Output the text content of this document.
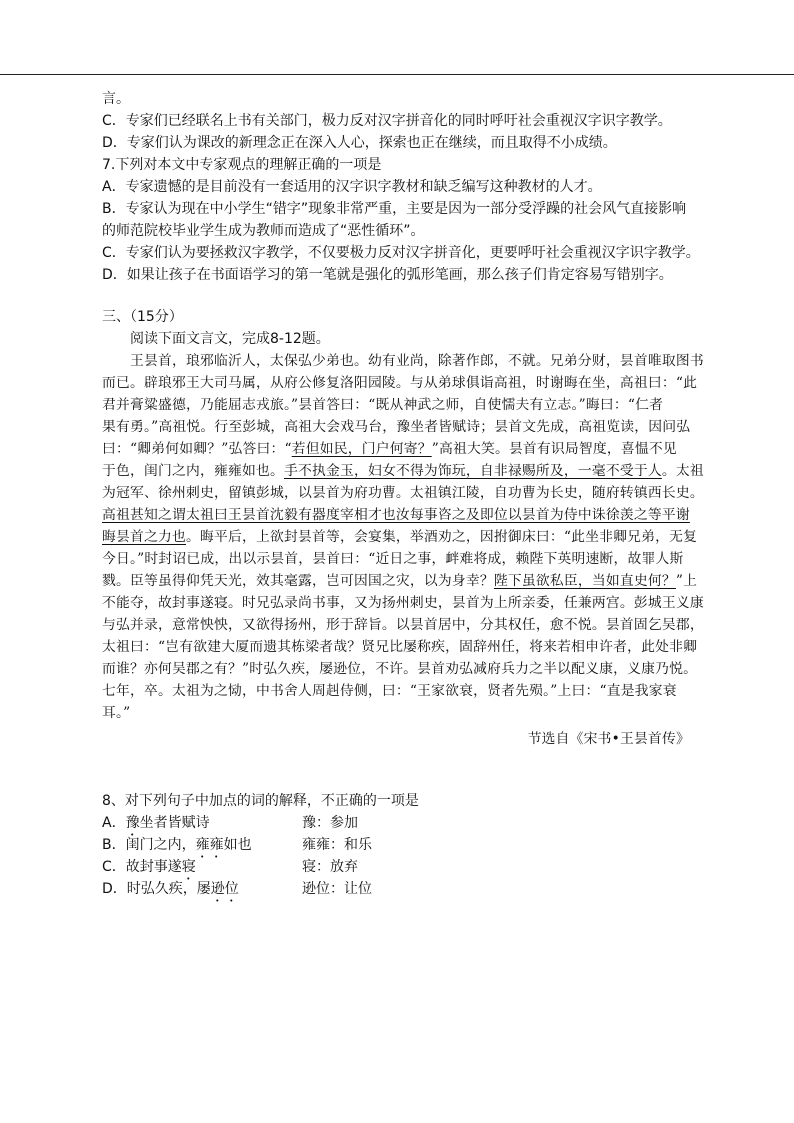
言。
C．专家们已经联名上书有关部门，极力反对汉字拼音化的同时呼吁社会重视汉字识字教学。
D．专家们认为课改的新理念正在深入人心，探索也正在继续，而且取得不小成绩。
7.下列对本文中专家观点的理解正确的一项是
A．专家遗憾的是目前没有一套适用的汉字识字教材和缺乏编写这种教材的人才。
B．专家认为现在中小学生“错字”现象非常严重，主要是因为一部分受浮躁的社会风气直接影响
的师范院校毕业学生成为教师而造成了“恶性循环”。
C．专家们认为要拯救汉字教学，不仅要极力反对汉字拼音化，更要呼吁社会重视汉字识字教学。
D．如果让孩子在书面语学习的第一笔就是强化的弧形笔画，那么孩子们肯定容易写错别字。
三、（15分）
阅读下面文言文，完成8-12题。
王昙首，琅邪临沂人，太保弘少弟也。幼有业尚，除著作郎，不就。兄弟分财，昙首唯取图书
而已。辟琅邪王大司马属，从府公修复洛阳园陵。与从弟球俱诣高祖，时谢晦在坐，高祖曰：“此
君并膏粱盛德，乃能屈志戎旅。”昙首答曰：“既从神武之师，自使懦夫有立志。”晦曰：“仁者
果有勇。”高祖悦。行至彭城，高祖大会戏马台，豫坐者皆赋诗；昙首文先成，高祖览读，因问弘
曰：“卿弟何如卿？”弘答曰：“若但如民，门户何寄？”高祖大笑。昙首有识局智度，喜愠不见
于色，闺门之内，雍雍如也。手不执金玉，妇女不得为饰玩，自非禄赐所及，一毫不受于人。太祖
为冠军、徐州刺史，留镇彭城，以昙首为府功曹。太祖镇江陵，自功曹为长史，随府转镇西长史。
高祖甚知之谓太祖曰王昙首沈毅有器度宰相才也汝每事咨之及即位以昙首为侍中诛徐羡之等平谢
晦昙首之力也。晦平后，上欲封昙首等，会宴集，举酒劝之，因拊御床曰：“此坐非卿兄弟，无复
今日。”时封诏已成，出以示昙首，昙首曰：“近日之事，衅难将成，赖陛下英明速断，故罪人斯
戮。臣等虽得仰凭天光，效其毫露，岂可因国之灾，以为身幸？陛下虽欲私臣，当如直史何？”上
不能夺，故封事遂寝。时兄弘录尚书事，又为扬州刺史，昙首为上所亲委，任兼两宫。彭城王义康
与弘并录，意常怏怏，又欲得扬州，形于辞旨。以昙首居中，分其权任，愈不悦。昙首固乞吴郡，
太祖曰：“岂有欲建大厦而遗其栋梁者哉？贤兄比屡称疾，固辞州任，将来若相申许者，此处非卿
而谁？亦何吴郡之有？”时弘久疾，屡逊位，不许。昙首劝弘减府兵力之半以配义康，义康乃悦。
七年，卒。太祖为之恸，中书舍人周赳侍侧，曰：“王家欲衰，贤者先殒。”上曰：“直是我家衰
耳。”
节选自《宋书•王昙首传》
8、对下列句子中加点的词的解释，不正确的一项是
A．豫坐者皆赋诗	豫：参加
B．闺门之内，雍雍如也	雍雍：和乐
C．故封事遂寝	寝：放弃
D．时弘久疾，屡逊位	逊位：让位
